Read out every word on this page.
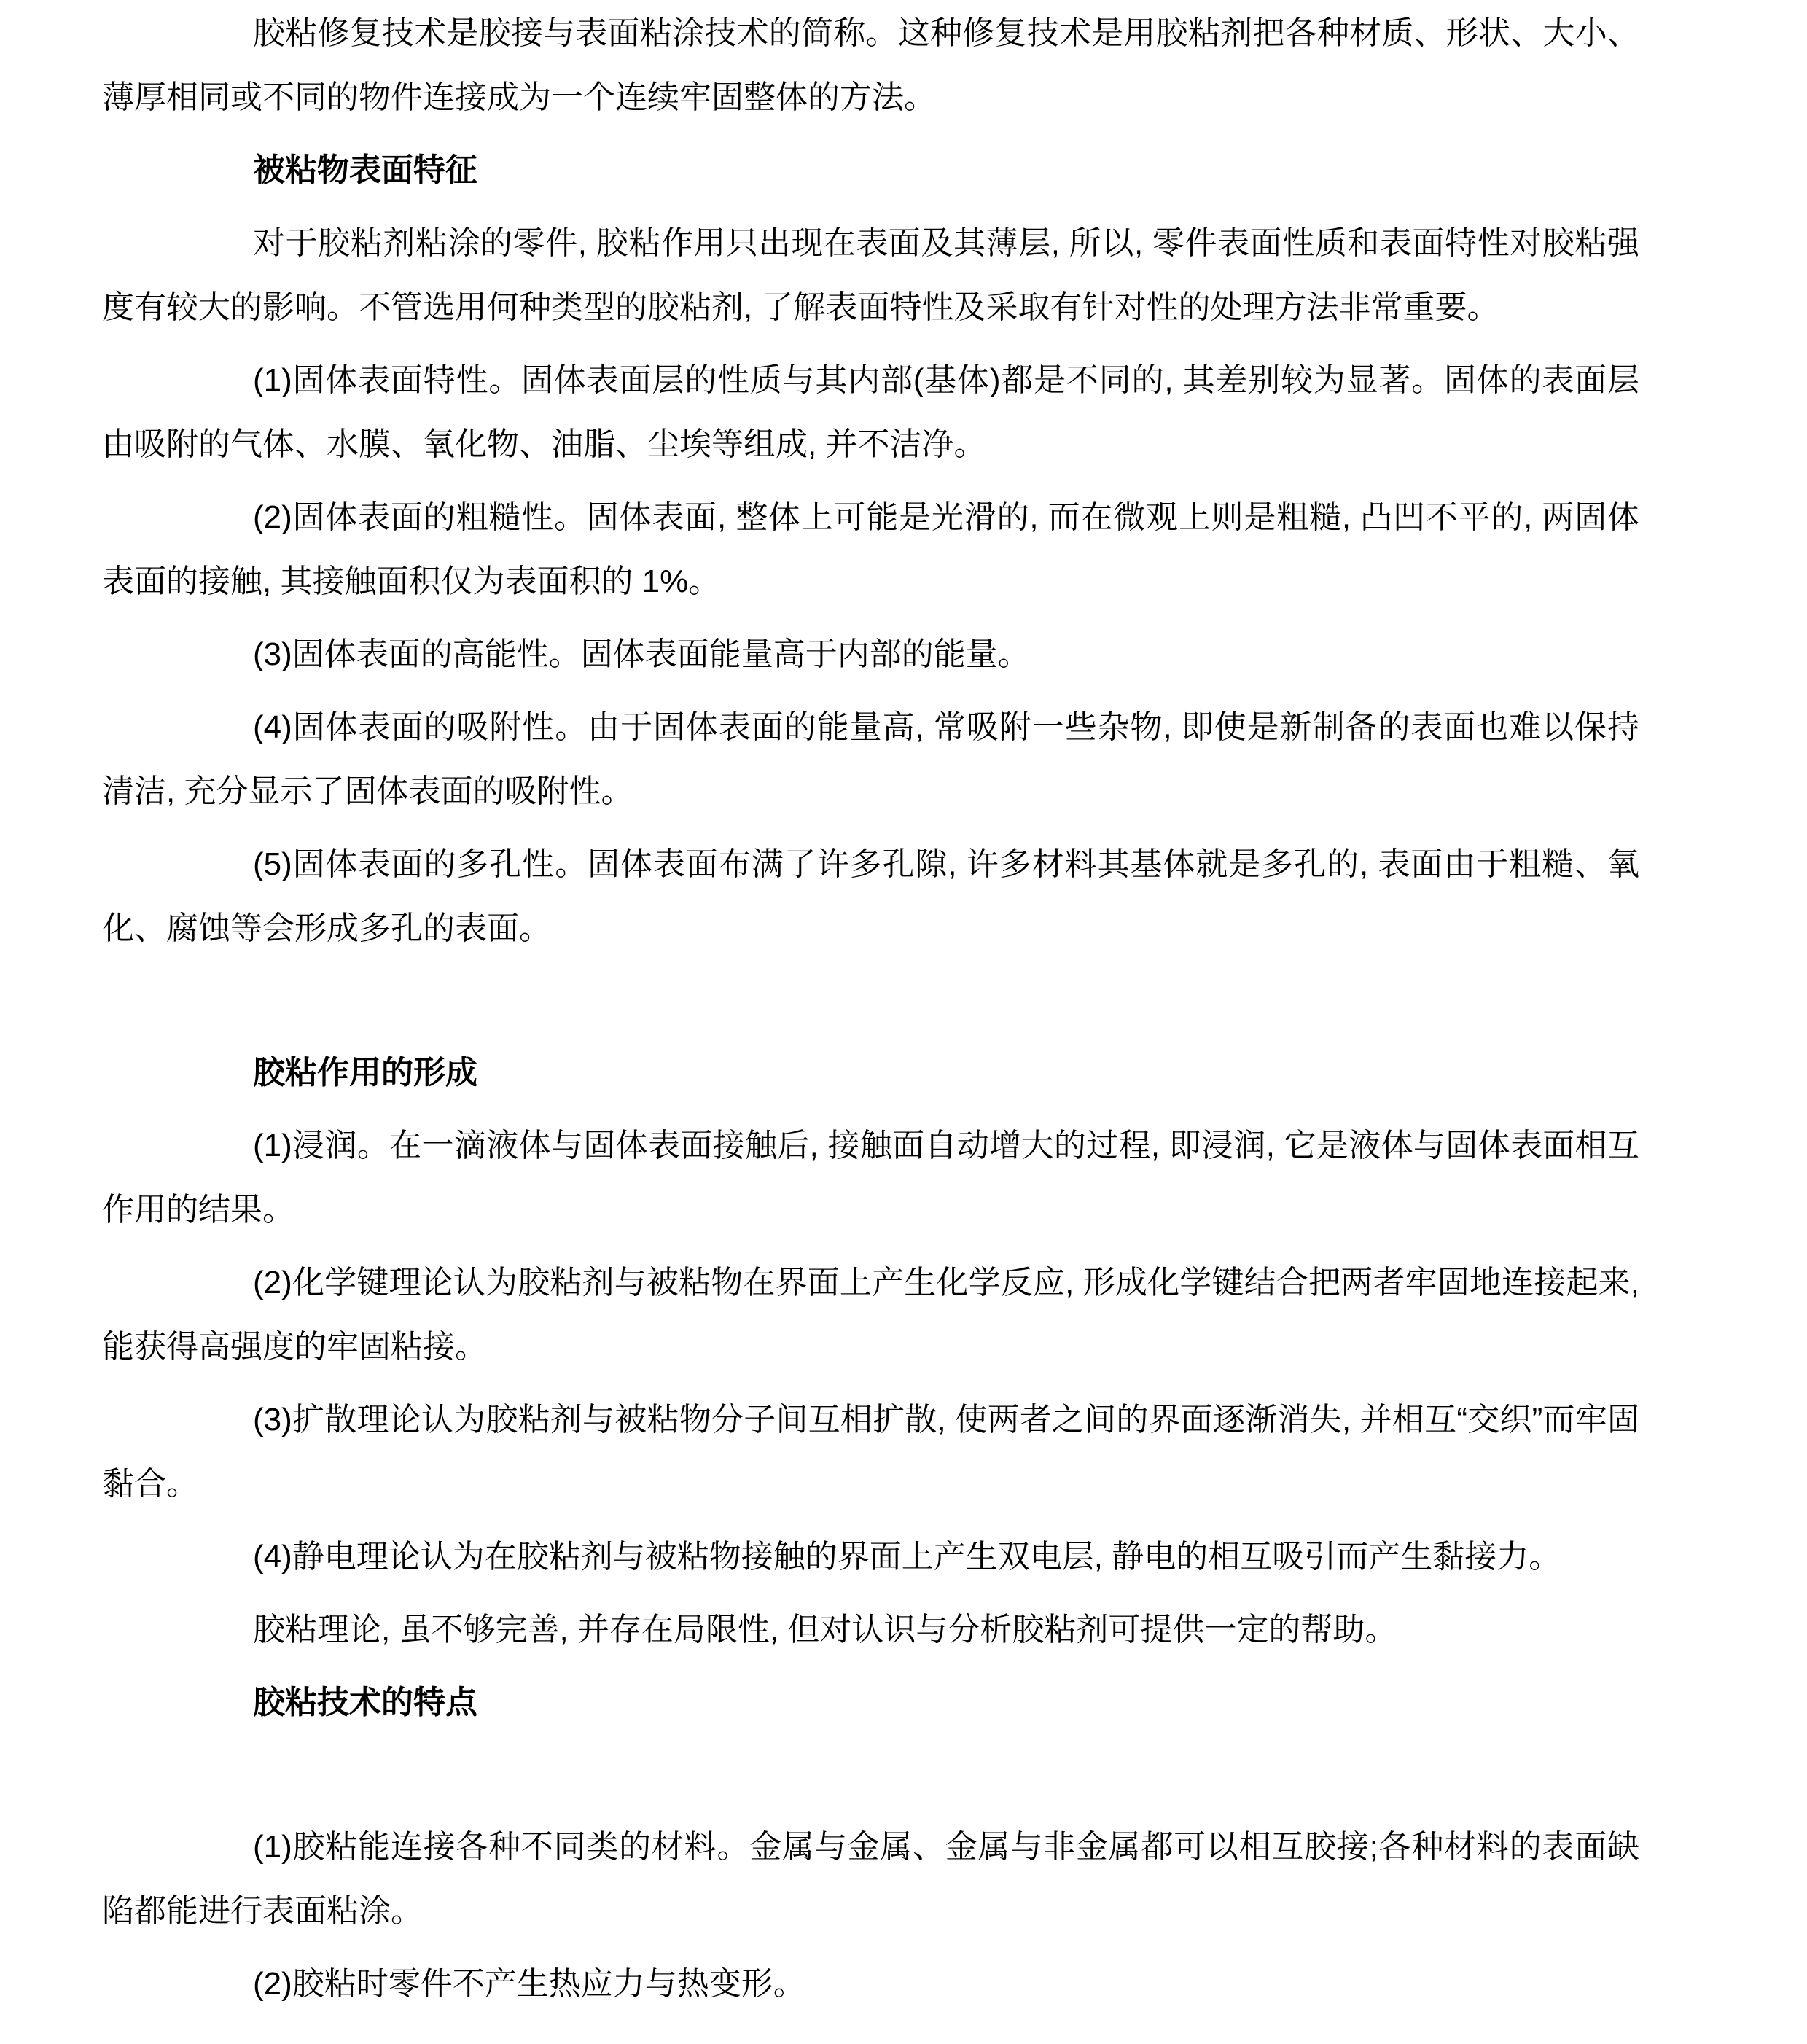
胶粘修复技术是胶接与表面粘涂技术的简称。这种修复技术是用胶粘剂把各种材质、形状、大小、薄厚相同或不同的物件连接成为一个连续牢固整体的方法。
被粘物表面特征
对于胶粘剂粘涂的零件, 胶粘作用只出现在表面及其薄层, 所以, 零件表面性质和表面特性对胶粘强度有较大的影响。不管选用何种类型的胶粘剂, 了解表面特性及采取有针对性的处理方法非常重要。
(1)固体表面特性。固体表面层的性质与其内部(基体)都是不同的, 其差别较为显著。固体的表面层由吸附的气体、水膜、氧化物、油脂、尘埃等组成, 并不洁净。
(2)固体表面的粗糙性。固体表面, 整体上可能是光滑的, 而在微观上则是粗糙, 凸凹不平的, 两固体表面的接触, 其接触面积仅为表面积的 1%。
(3)固体表面的高能性。固体表面能量高于内部的能量。
(4)固体表面的吸附性。由于固体表面的能量高, 常吸附一些杂物, 即使是新制备的表面也难以保持清洁, 充分显示了固体表面的吸附性。
(5)固体表面的多孔性。固体表面布满了许多孔隙, 许多材料其基体就是多孔的, 表面由于粗糙、氧化、腐蚀等会形成多孔的表面。
胶粘作用的形成
(1)浸润。在一滴液体与固体表面接触后, 接触面自动增大的过程, 即浸润, 它是液体与固体表面相互作用的结果。
(2)化学键理论认为胶粘剂与被粘物在界面上产生化学反应, 形成化学键结合把两者牢固地连接起来, 能获得高强度的牢固粘接。
(3)扩散理论认为胶粘剂与被粘物分子间互相扩散, 使两者之间的界面逐渐消失, 并相互“交织”而牢固黏合。
(4)静电理论认为在胶粘剂与被粘物接触的界面上产生双电层, 静电的相互吸引而产生黏接力。
胶粘理论, 虽不够完善, 并存在局限性, 但对认识与分析胶粘剂可提供一定的帮助。
胶粘技术的特点
(1)胶粘能连接各种不同类的材料。金属与金属、金属与非金属都可以相互胶接;各种材料的表面缺陷都能进行表面粘涂。
(2)胶粘时零件不产生热应力与热变形。
